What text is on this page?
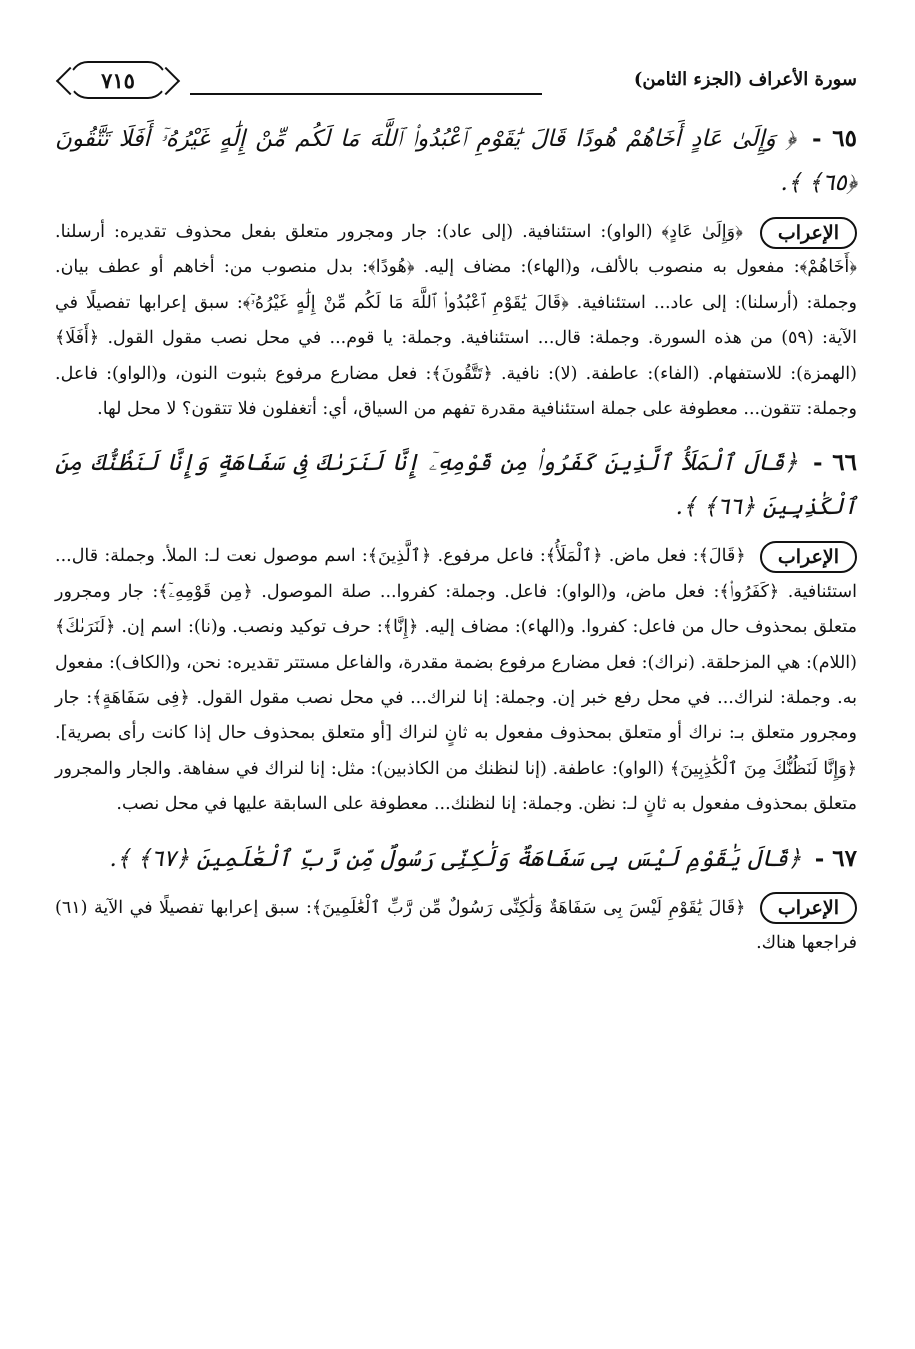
سورة الأعراف (الجزء الثامن)
٧١٥
٦٥ - ﴿ وَإِلَىٰ عَادٍ أَخَاهُمْ هُودًا قَالَ يَٰقَوْمِ ٱعْبُدُوا۟ ٱللَّهَ مَا لَكُم مِّنْ إِلَٰهٍ غَيْرُهُۥٓ أَفَلَا تَتَّقُونَ ﴿٦٥﴾ ﴾.
الإعراب ﴿وَإِلَىٰ عَادٍ﴾ (الواو): استئنافية. (إلى عاد): جار ومجرور متعلق بفعل محذوف تقديره: أرسلنا. ﴿أَخَاهُمْ﴾: مفعول به منصوب بالألف، و(الهاء): مضاف إليه. ﴿هُودًا﴾: بدل منصوب من: أخاهم أو عطف بيان. وجملة: (أرسلنا): إلى عاد... استئنافية. ﴿قَالَ يَٰقَوْمِ ٱعْبُدُوا۟ ٱللَّهَ مَا لَكُم مِّنْ إِلَٰهٍ غَيْرُهُۥٓ﴾: سبق إعرابها تفصيلًا في الآية: (٥٩) من هذه السورة. وجملة: قال... استئنافية. وجملة: يا قوم... في محل نصب مقول القول. ﴿أَفَلَا﴾ (الهمزة): للاستفهام. (الفاء): عاطفة. (لا): نافية. ﴿تَتَّقُونَ﴾: فعل مضارع مرفوع بثبوت النون، و(الواو): فاعل. وجملة: تتقون... معطوفة على جملة استئنافية مقدرة تفهم من السياق، أي: أتغفلون فلا تتقون؟ لا محل لها.
٦٦ - ﴿قَالَ ٱلْمَلَأُ ٱلَّذِينَ كَفَرُوا۟ مِن قَوْمِهِۦٓ إِنَّا لَنَرَىٰكَ فِى سَفَاهَةٍ وَإِنَّا لَنَظُنُّكَ مِنَ ٱلْكَٰذِبِينَ ﴿٦٦﴾ ﴾.
الإعراب ﴿قَالَ﴾: فعل ماض. ﴿ٱلْمَلَأُ﴾: فاعل مرفوع. ﴿ٱلَّذِينَ﴾: اسم موصول نعت لـ: الملأ. وجملة: قال... استئنافية. ﴿كَفَرُوا۟﴾: فعل ماض، و(الواو): فاعل. وجملة: كفروا... صلة الموصول. ﴿مِن قَوْمِهِۦٓ﴾: جار ومجرور متعلق بمحذوف حال من فاعل: كفروا. و(الهاء): مضاف إليه. ﴿إِنَّا﴾: حرف توكيد ونصب. و(نا): اسم إن. ﴿لَنَرَىٰكَ﴾ (اللام): هي المزحلقة. (نراك): فعل مضارع مرفوع بضمة مقدرة، والفاعل مستتر تقديره: نحن، و(الكاف): مفعول به. وجملة: لنراك... في محل رفع خبر إن. وجملة: إنا لنراك... في محل نصب مقول القول. ﴿فِى سَفَاهَةٍ﴾: جار ومجرور متعلق بـ: نراك أو متعلق بمحذوف مفعول به ثانٍ لنراك [أو متعلق بمحذوف حال إذا كانت رأى بصرية]. ﴿وَإِنَّا لَنَظُنُّكَ مِنَ ٱلْكَٰذِبِينَ﴾ (الواو): عاطفة. (إنا لنظنك من الكاذبين): مثل: إنا لنراك في سفاهة. والجار والمجرور متعلق بمحذوف مفعول به ثانٍ لـ: نظن. وجملة: إنا لنظنك... معطوفة على السابقة عليها في محل نصب.
٦٧ - ﴿قَالَ يَٰقَوْمِ لَيْسَ بِى سَفَاهَةٌ وَلَٰكِنِّى رَسُولٌ مِّن رَّبِّ ٱلْعَٰلَمِينَ ﴿٦٧﴾ ﴾.
الإعراب ﴿قَالَ يَٰقَوْمِ لَيْسَ بِى سَفَاهَةٌ وَلَٰكِنِّى رَسُولٌ مِّن رَّبِّ ٱلْعَٰلَمِينَ﴾: سبق إعرابها تفصيلًا في الآية (٦١) فراجعها هناك.
